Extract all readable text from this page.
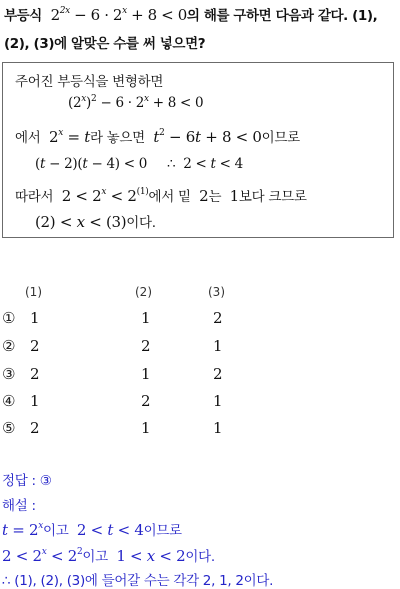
부등식  $2^{2x} - 6 \cdot 2^x + 8 < 0$의 해를 구하면 다음과 같다. (1),
(2), (3)에 알맞은 수를 써 넣으면?
주어진 부등식을 변형하면
$(2^x)^2 - 6 \cdot 2^x + 8 < 0$
에서  $2^x = t$라 놓으면 $t^2 - 6t + 8 < 0$이므로
(t − 2)(t − 4) < 0     ∴  2 < t < 4
따라서  $2 < 2^x < 2^{(1)}$에서 밑  2는  1보다 크므로
(2) < x < (3)이다.
(1)	(2)	(3)
① 1	1	2
② 2	2	1
③ 2	1	2
④ 1	2	1
⑤ 2	1	1
정답 : ③
해설 :
$t = 2^x$이고  2 < t < 4이므로
$2 < 2^x < 2^2$이고  1 < x < 2이다.
∴ (1), (2), (3)에 들어갈 수는 각각 2, 1, 2이다.
